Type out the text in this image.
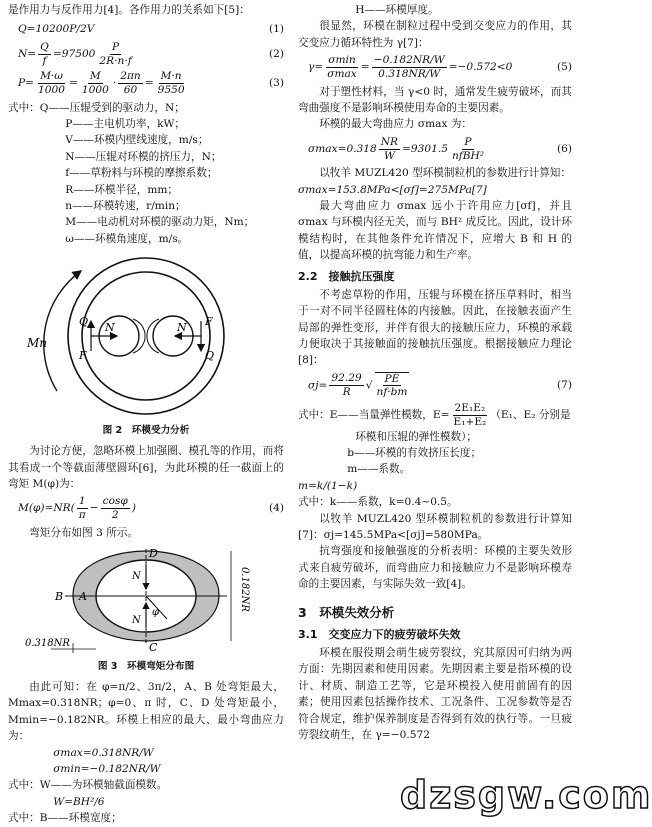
是作用力与反作用力[4]。各作用力的关系如下[5]：

Q=10200P/2V	(1)
$N= \frac{Q}{f} =97500 \frac{P}{2R\cdot n\cdot f}$	(2)
$P= \frac{M\cdot\omega}{1000} = \frac{M}{1000} \cdot \frac{2\pi n}{60} = \frac{M\cdot n}{9550}$	(3)

式中：Q——压辊受到的驱动力，N；

P——主电机功率，kW；

V——环模内壁线速度，m/s；

N——压辊对环模的挤压力，N；

f——草粉料与环模的摩擦系数；

R——环模半径，mm；

n——环模转速，r/min；

M——电动机对环模的驱动力矩，Nm；

ω——环模角速度，m/s。

Mn
Q
F
N	N F
Q
图 2　环模受力分析

为讨论方便，忽略环模上加强圈、模孔等的作用，而将其看成一个等截面薄壁圆环[6]，为此环模的任一截面上的弯矩 M(φ)为：

$M(\varphi)=NR( \frac{1}{\pi} - \frac{\cos\varphi}{2}$ )	(4)

弯矩分布如图 3 所示。

D
A
B
C
N
N
φ
0.182NR
0.318NR
图 3　环模弯矩分布图

由此可知：在 φ=π/2、3π/2，A、B 处弯矩最大，Mmax=0.318NR；φ=0、π 时，C、D 处弯矩最小，Mmin=−0.182NR。环模上相应的最大、最小弯曲应力为：

σmax=0.318NR/W

σmin=−0.182NR/W

式中：W——为环模轴截面模数。

W=BH²/6

式中：B——环模宽度；

H——环模厚度。

很显然，环模在制粒过程中受到交变应力的作用，其交变应力循环特性为 γ[7]：

$\gamma= \frac{\sigma\min}{\sigma\max} = \frac{-0.182NR/W}{0.318NR/W} =-0.572<0$	(5)

对于塑性材料，当 γ<0 时，通常发生疲劳破坏，而其弯曲强度不是影响环模使用寿命的主要因素。

环模的最大弯曲应力 σmax 为：

$\sigma\max=0.318 \frac{NR}{W} =9301.5 \frac{P}{\text{nfBH²}}$	(6)

以牧羊 MUZL420 型环模制粒机的参数进行计算知：

σmax=153.8MPa<[σf]=275MPa[7]

最大弯曲应力 σmax 远小于许用应力[σf]，并且 σmax 与环模内径无关，而与 BH² 成反比。因此，设计环模结构时，在其他条件允许情况下，应增大 B 和 H 的值，以提高环模的抗弯能力和生产率。

2.2　接触抗压强度

不考虑草粉的作用，压辊与环模在挤压草料时，相当于一对不同半径圆柱体的内接触。因此，在接触表面产生局部的弹性变形，并伴有很大的接触压应力，环模的承载力便取决于其接触面的接触抗压强度。根据接触应力理论[8]：

$\sigma j= \frac{92.29}{R}$ √ $\frac{PE}{nf\cdot bm}$	(7)

式中：E——当量弹性模数，$E= \frac{\text{2E₁E₂}}{\text{E₁+E₂}} (E_1$、E₂ 分别是

环模和压辊的弹性模数）；

b——环模的有效挤压长度；

m——系数。

m=k/(1−k)

式中：k——系数，k=0.4~0.5。

以牧羊 MUZL420 型环模制粒机的参数进行计算知[7]：σj=145.5MPa<[σj]=580MPa。

抗弯强度和接触强度的分析表明：环模的主要失效形式来自疲劳破坏，而弯曲应力和接触应力不是影响环模寿命的主要因素，与实际失效一致[4]。

3　环模失效分析
3.1　交变应力下的疲劳破坏失效

环模在服役期会萌生疲劳裂纹，究其原因可归纳为两方面：先期因素和使用因素。先期因素主要是指环模的设计、材质、制造工艺等，它是环模投入使用前固有的因素；使用因素包括操作技术、工况条件、工况参数等是否符合规定，维护保养制度是否得到有效的执行等。一旦疲劳裂纹萌生，在 γ=−0.572

dzsgw.com
